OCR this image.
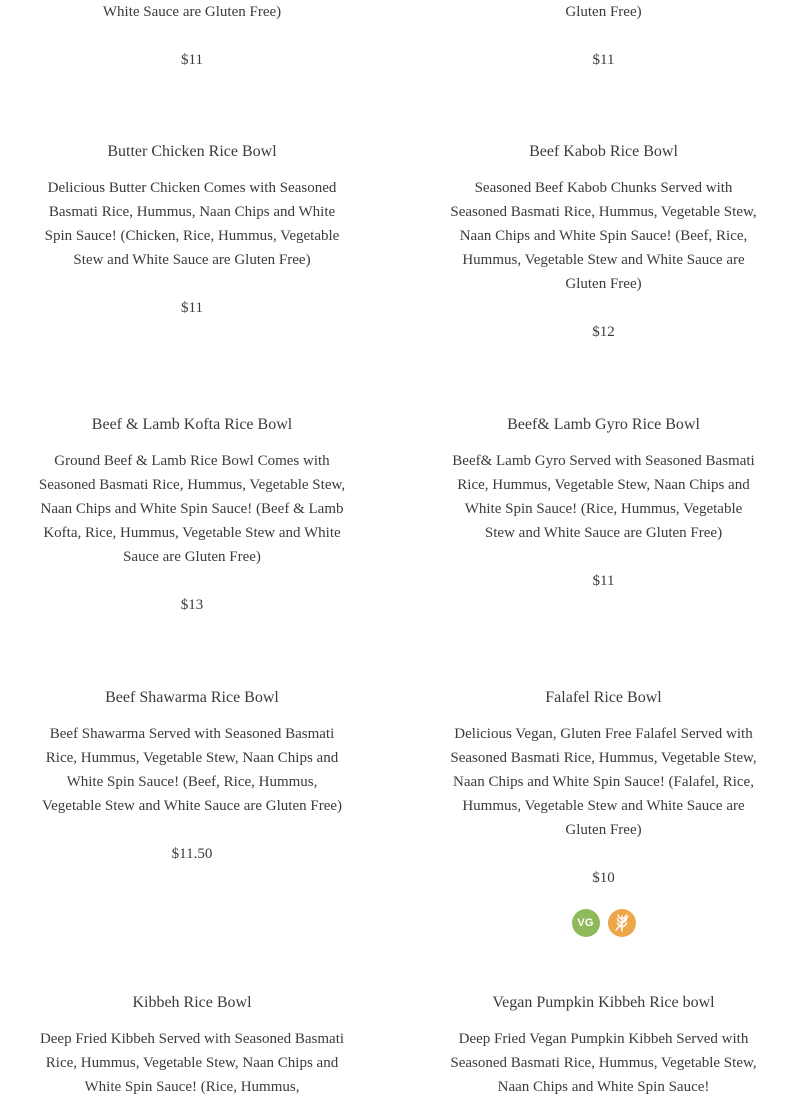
White Sauce are Gluten Free)

$11

Gluten Free)

$11

Butter Chicken Rice Bowl

Delicious Butter Chicken Comes with Seasoned Basmati Rice, Hummus, Naan Chips and White Spin Sauce! (Chicken, Rice, Hummus, Vegetable Stew and White Sauce are Gluten Free)

$11

Beef Kabob Rice Bowl

Seasoned Beef Kabob Chunks Served with Seasoned Basmati Rice, Hummus, Vegetable Stew, Naan Chips and White Spin Sauce! (Beef, Rice, Hummus, Vegetable Stew and White Sauce are Gluten Free)

$12

Beef & Lamb Kofta Rice Bowl

Ground Beef & Lamb Rice Bowl Comes with Seasoned Basmati Rice, Hummus, Vegetable Stew, Naan Chips and White Spin Sauce! (Beef & Lamb Kofta, Rice, Hummus, Vegetable Stew and White Sauce are Gluten Free)

$13

Beef& Lamb Gyro Rice Bowl

Beef& Lamb Gyro Served with Seasoned Basmati Rice, Hummus, Vegetable Stew, Naan Chips and White Spin Sauce! (Rice, Hummus, Vegetable Stew and White Sauce are Gluten Free)

$11

Beef Shawarma Rice Bowl

Beef Shawarma Served with Seasoned Basmati Rice, Hummus, Vegetable Stew, Naan Chips and White Spin Sauce! (Beef, Rice, Hummus, Vegetable Stew and White Sauce are Gluten Free)

$11.50

Falafel Rice Bowl

Delicious Vegan, Gluten Free Falafel Served with Seasoned Basmati Rice, Hummus, Vegetable Stew, Naan Chips and White Spin Sauce! (Falafel, Rice, Hummus, Vegetable Stew and White Sauce are Gluten Free)

$10

VG

Kibbeh Rice Bowl

Deep Fried Kibbeh Served with Seasoned Basmati Rice, Hummus, Vegetable Stew, Naan Chips and White Spin Sauce! (Rice, Hummus,

Vegan Pumpkin Kibbeh Rice bowl

Deep Fried Vegan Pumpkin Kibbeh Served with Seasoned Basmati Rice, Hummus, Vegetable Stew, Naan Chips and White Spin Sauce!
